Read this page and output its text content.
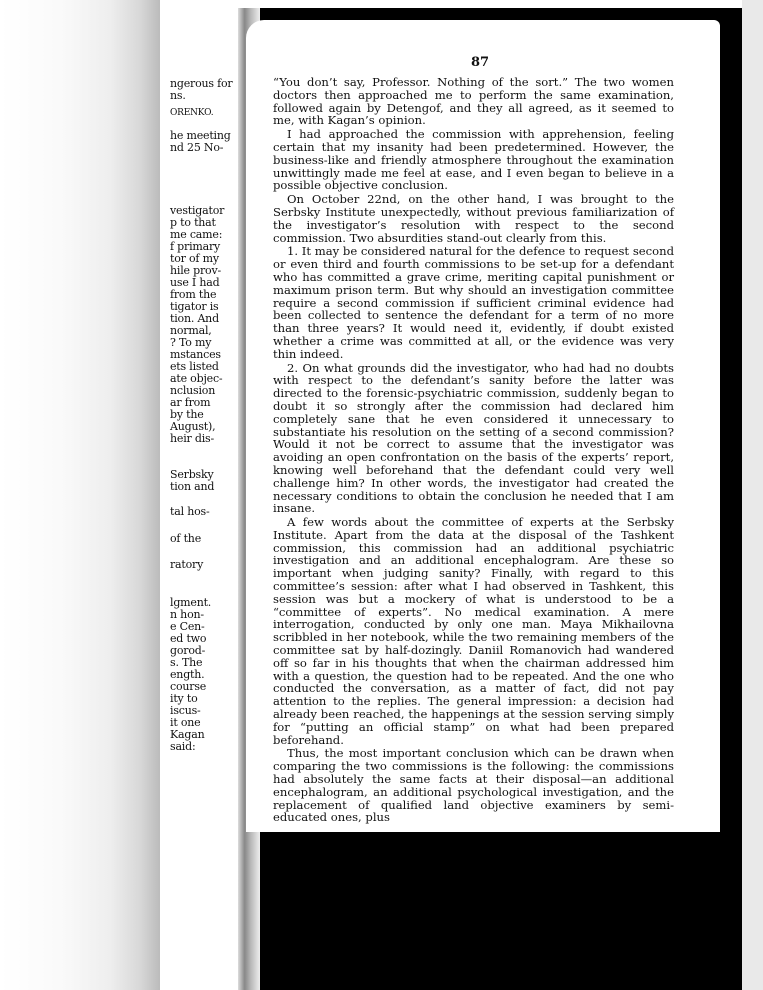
ngerous for
ns.
ORENKO.
he meeting
nd 25 No-
vestigator
p to that
me came:
f primary
tor of my
hile prov-
use I had
from the
tigator is
tion. And
normal,
? To my
mstances
ets listed
ate objec-
nclusion
ar from
by the
August),
heir dis-
Serbsky
tion and
tal hos-
of the
ratory
lgment.
n hon-
e Cen-
ed two
gorod-
s. The
ength.
course
ity to
iscus-
it one
Kagan
said:
87

“You don’t say, Professor. Nothing of the sort.” The two women doctors then approached me to perform the same examination, followed again by Detengof, and they all agreed, as it seemed to me, with Kagan’s opinion.

I had approached the commission with apprehension, feeling certain that my insanity had been predetermined. However, the business-like and friendly atmosphere throughout the examination unwittingly made me feel at ease, and I even began to believe in a possible objective conclusion.

On October 22nd, on the other hand, I was brought to the Serbsky Institute unexpectedly, without previous familiarization of the investigator’s resolution with respect to the second commission. Two absurdities stand-out clearly from this.

1. It may be considered natural for the defence to request second or even third and fourth commissions to be set-up for a defendant who has committed a grave crime, meriting capital punishment or maximum prison term. But why should an investigation committee require a second commission if sufficient criminal evidence had been collected to sentence the defendant for a term of no more than three years? It would need it, evidently, if doubt existed whether a crime was committed at all, or the evidence was very thin indeed.

2. On what grounds did the investigator, who had had no doubts with respect to the defendant’s sanity before the latter was directed to the forensic-psychiatric commission, suddenly began to doubt it so strongly after the commission had declared him completely sane that he even considered it unnecessary to substantiate his resolution on the setting of a second commission? Would it not be correct to assume that the investigator was avoiding an open confrontation on the basis of the experts’ report, knowing well beforehand that the defendant could very well challenge him? In other words, the investigator had created the necessary conditions to obtain the conclusion he needed that I am insane.

A few words about the committee of experts at the Serbsky Institute. Apart from the data at the disposal of the Tashkent commission, this commission had an additional psychiatric investigation and an additional encephalogram. Are these so important when judging sanity? Finally, with regard to this committee’s session: after what I had observed in Tashkent, this session was but a mockery of what is understood to be a “committee of experts”. No medical examination. A mere interrogation, conducted by only one man. Maya Mikhailovna scribbled in her notebook, while the two remaining members of the committee sat by half-dozingly. Daniil Romanovich had wandered off so far in his thoughts that when the chairman addressed him with a question, the question had to be repeated. And the one who conducted the conversation, as a matter of fact, did not pay attention to the replies. The general impression: a decision had already been reached, the happenings at the session serving simply for “putting an official stamp” on what had been prepared beforehand.

Thus, the most important conclusion which can be drawn when comparing the two commissions is the following: the commissions had absolutely the same facts at their disposal—an additional encephalogram, an additional psychological investigation, and the replacement of qualified land objective examiners by semi-educated ones, plus
